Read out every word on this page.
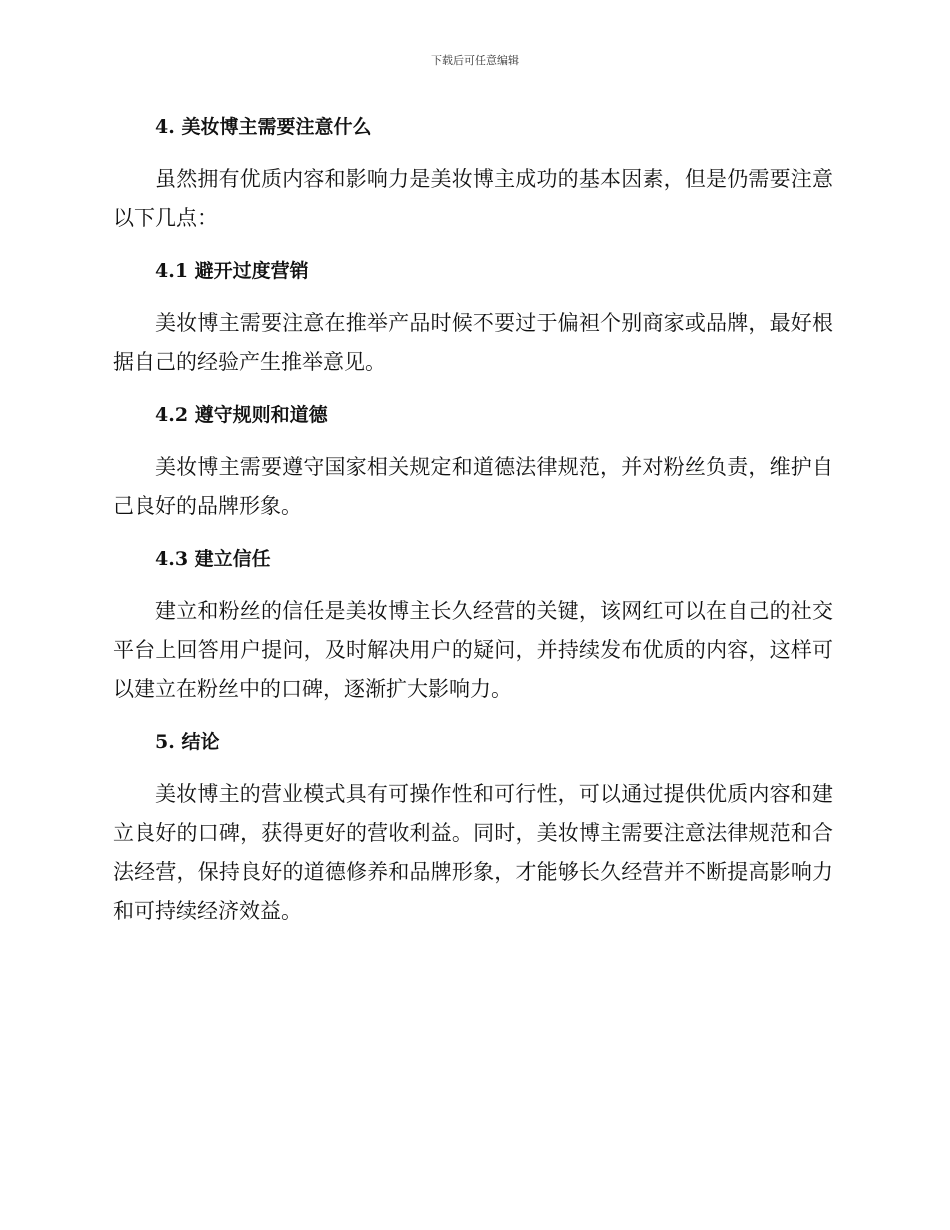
下载后可任意编辑
4. 美妆博主需要注意什么

虽然拥有优质内容和影响力是美妆博主成功的基本因素，但是仍需要注意以下几点：

4.1 避开过度营销

美妆博主需要注意在推举产品时候不要过于偏袒个别商家或品牌，最好根据自己的经验产生推举意见。

4.2 遵守规则和道德

美妆博主需要遵守国家相关规定和道德法律规范，并对粉丝负责，维护自己良好的品牌形象。

4.3 建立信任

建立和粉丝的信任是美妆博主长久经营的关键，该网红可以在自己的社交平台上回答用户提问，及时解决用户的疑问，并持续发布优质的内容，这样可以建立在粉丝中的口碑，逐渐扩大影响力。

5. 结论

美妆博主的营业模式具有可操作性和可行性，可以通过提供优质内容和建立良好的口碑，获得更好的营收利益。同时，美妆博主需要注意法律规范和合法经营，保持良好的道德修养和品牌形象，才能够长久经营并不断提高影响力和可持续经济效益。
